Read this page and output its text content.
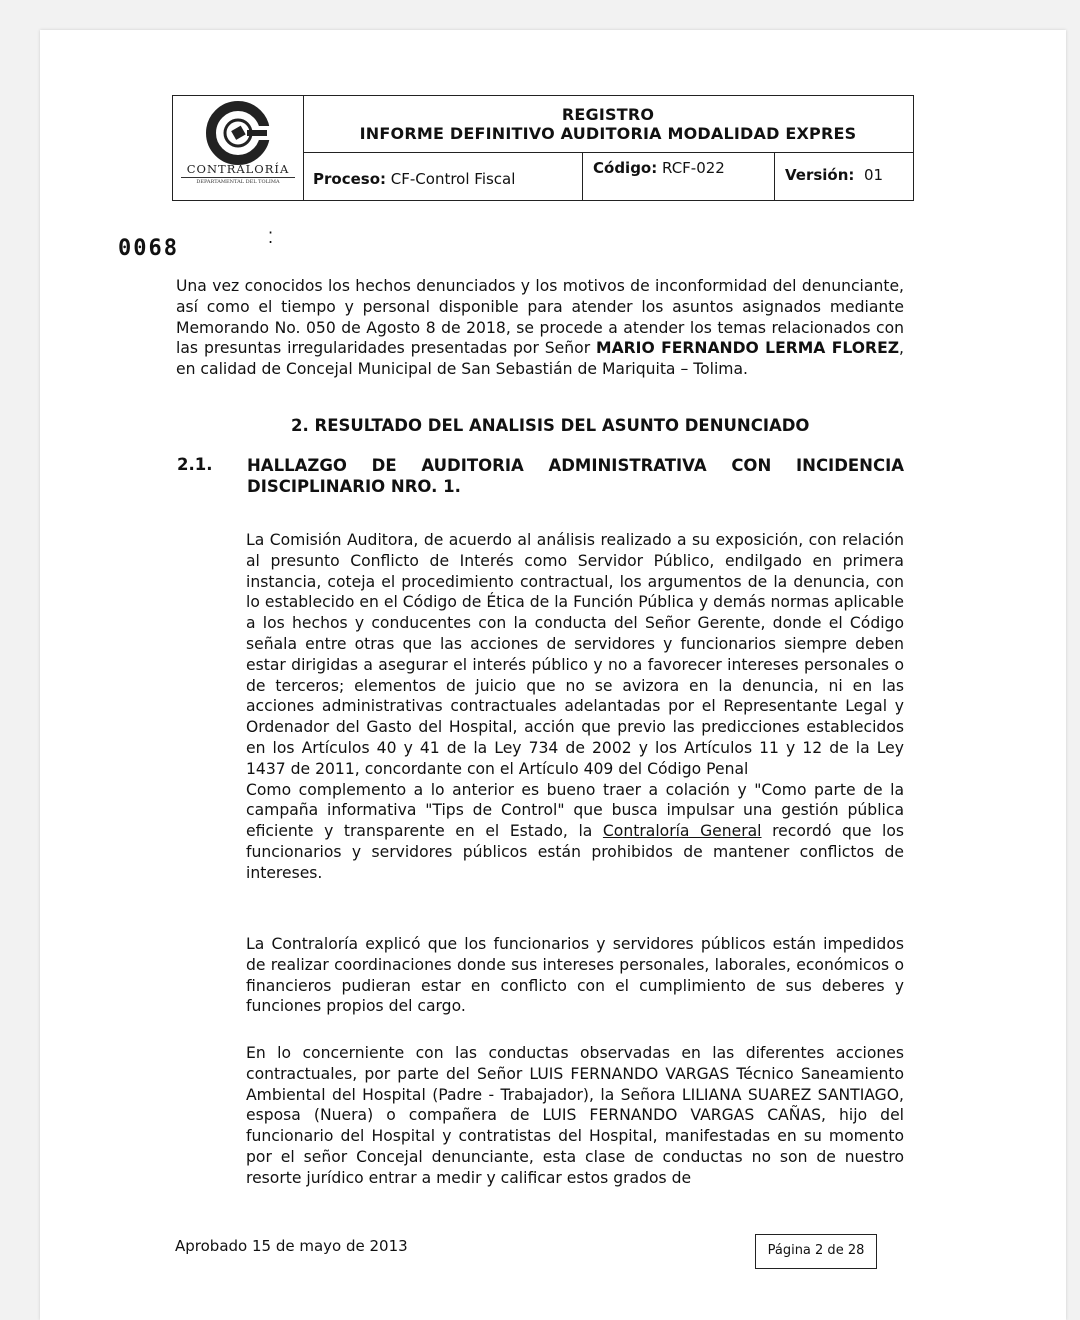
CONTRALORÍA
DEPARTAMENTAL DEL TOLIMA
REGISTRO
INFORME DEFINITIVO AUDITORIA MODALIDAD EXPRES
Proceso: CF-Control Fiscal
Código: RCF-022	Versión: 01
0068	⁚
Una vez conocidos los hechos denunciados y los motivos de inconformidad del denunciante, así como el tiempo y personal disponible para atender los asuntos asignados mediante Memorando No. 050 de Agosto 8 de 2018, se procede a atender los temas relacionados con las presuntas irregularidades presentadas por Señor MARIO FERNANDO LERMA FLOREZ, en calidad de Concejal Municipal de San Sebastián de Mariquita – Tolima.
2. RESULTADO DEL ANALISIS DEL ASUNTO DENUNCIADO
2.1. HALLAZGO DE AUDITORIA ADMINISTRATIVA CON INCIDENCIA DISCIPLINARIO NRO. 1.
La Comisión Auditora, de acuerdo al análisis realizado a su exposición, con relación al presunto Conflicto de Interés como Servidor Público, endilgado en primera instancia, coteja el procedimiento contractual, los argumentos de la denuncia, con lo establecido en el Código de Ética de la Función Pública y demás normas aplicable a los hechos y conducentes con la conducta del Señor Gerente, donde el Código señala entre otras que las acciones de servidores y funcionarios siempre deben estar dirigidas a asegurar el interés público y no a favorecer intereses personales o de terceros; elementos de juicio que no se avizora en la denuncia, ni en las acciones administrativas contractuales adelantadas por el Representante Legal y Ordenador del Gasto del Hospital, acción que previo las predicciones establecidos en los Artículos 40 y 41 de la Ley 734 de 2002 y los Artículos 11 y 12 de la Ley 1437 de 2011, concordante con el Artículo 409 del Código Penal
Como complemento a lo anterior es bueno traer a colación y "Como parte de la campaña informativa "Tips de Control" que busca impulsar una gestión pública eficiente y transparente en el Estado, la Contraloría General recordó que los funcionarios y servidores públicos están prohibidos de mantener conflictos de intereses.
La Contraloría explicó que los funcionarios y servidores públicos están impedidos de realizar coordinaciones donde sus intereses personales, laborales, económicos o financieros pudieran estar en conflicto con el cumplimiento de sus deberes y funciones propios del cargo.
En lo concerniente con las conductas observadas en las diferentes acciones contractuales, por parte del Señor LUIS FERNANDO VARGAS Técnico Saneamiento Ambiental del Hospital (Padre - Trabajador), la Señora LILIANA SUAREZ SANTIAGO, esposa (Nuera) o compañera de LUIS FERNANDO VARGAS CAÑAS, hijo del funcionario del Hospital y contratistas del Hospital, manifestadas en su momento por el señor Concejal denunciante, esta clase de conductas no son de nuestro resorte jurídico entrar a medir y calificar estos grados de
Aprobado 15 de mayo de 2013	Página 2 de 28
